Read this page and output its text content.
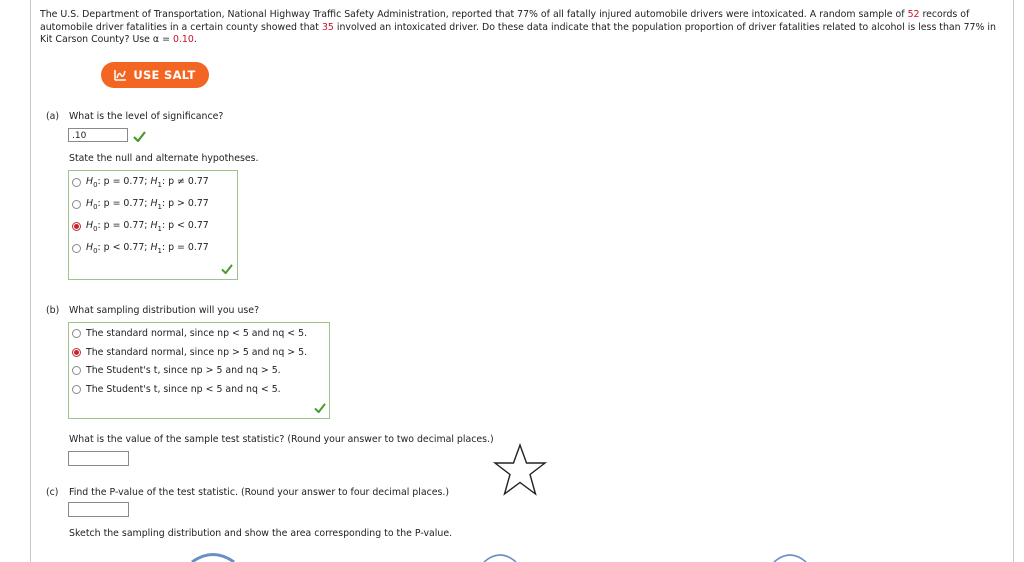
The U.S. Department of Transportation, National Highway Traffic Safety Administration, reported that 77% of all fatally injured automobile drivers were intoxicated. A random sample of 52 records of automobile driver fatalities in a certain county showed that 35 involved an intoxicated driver. Do these data indicate that the population proportion of driver fatalities related to alcohol is less than 77% in Kit Carson County? Use α = 0.10.
USE SALT
(a) What is the level of significance?
.10
State the null and alternate hypotheses.
$H_0$: p = 0.77; $H_1$: p ≠ 0.77
$H_0$: p = 0.77; $H_1$: p > 0.77
$H_0$: p = 0.77; $H_1$: p < 0.77
$H_0$: p < 0.77; $H_1$: p = 0.77
(b) What sampling distribution will you use?
The standard normal, since np < 5 and nq < 5.
The standard normal, since np > 5 and nq > 5.
The Student's t, since np > 5 and nq > 5.
The Student's t, since np < 5 and nq < 5.
What is the value of the sample test statistic? (Round your answer to two decimal places.)
(c) Find the P-value of the test statistic. (Round your answer to four decimal places.)
Sketch the sampling distribution and show the area corresponding to the P-value.
